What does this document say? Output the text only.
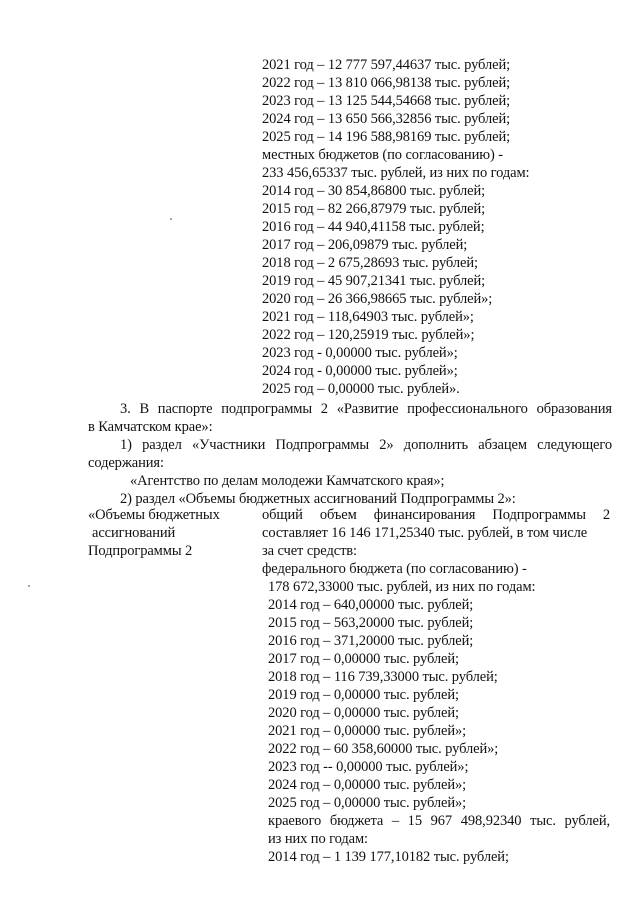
2021 год – 12 777 597,44637 тыс. рублей;
2022 год – 13 810 066,98138 тыс. рублей;
2023 год – 13 125 544,54668 тыс. рублей;
2024 год – 13 650 566,32856 тыс. рублей;
2025 год – 14 196 588,98169 тыс. рублей;
местных бюджетов (по согласованию) -
233 456,65337 тыс. рублей, из них по годам:
2014 год – 30 854,86800 тыс. рублей;
2015 год – 82 266,87979 тыс. рублей;
2016 год – 44 940,41158 тыс. рублей;
2017 год – 206,09879 тыс. рублей;
2018 год – 2 675,28693 тыс. рублей;
2019 год – 45 907,21341 тыс. рублей;
2020 год – 26 366,98665 тыс. рублей»;
2021 год – 118,64903 тыс. рублей»;
2022 год – 120,25919 тыс. рублей»;
2023 год - 0,00000 тыс. рублей»;
2024 год - 0,00000 тыс. рублей»;
2025 год – 0,00000 тыс. рублей».
3. В паспорте подпрограммы 2 «Развитие профессионального образования
в Камчатском крае»:
1) раздел «Участники Подпрограммы 2» дополнить абзацем следующего
содержания:
«Агентство по делам молодежи Камчатского края»;
2) раздел «Объемы бюджетных ассигнований Подпрограммы 2»:
«Объемы бюджетных
ассигнований
Подпрограммы 2
общий объем финансирования Подпрограммы 2
составляет 16 146 171,25340 тыс. рублей, в том числе
за счет средств:
федерального бюджета (по согласованию) -
178 672,33000 тыс. рублей, из них по годам:
2014 год – 640,00000 тыс. рублей;
2015 год – 563,20000 тыс. рублей;
2016 год – 371,20000 тыс. рублей;
2017 год – 0,00000 тыс. рублей;
2018 год – 116 739,33000 тыс. рублей;
2019 год – 0,00000 тыс. рублей;
2020 год – 0,00000 тыс. рублей;
2021 год – 0,00000 тыс. рублей»;
2022 год – 60 358,60000 тыс. рублей»;
2023 год -- 0,00000 тыс. рублей»;
2024 год – 0,00000 тыс. рублей»;
2025 год – 0,00000 тыс. рублей»;
краевого бюджета – 15 967 498,92340 тыс. рублей,
из них по годам:
2014 год – 1 139 177,10182 тыс. рублей;
